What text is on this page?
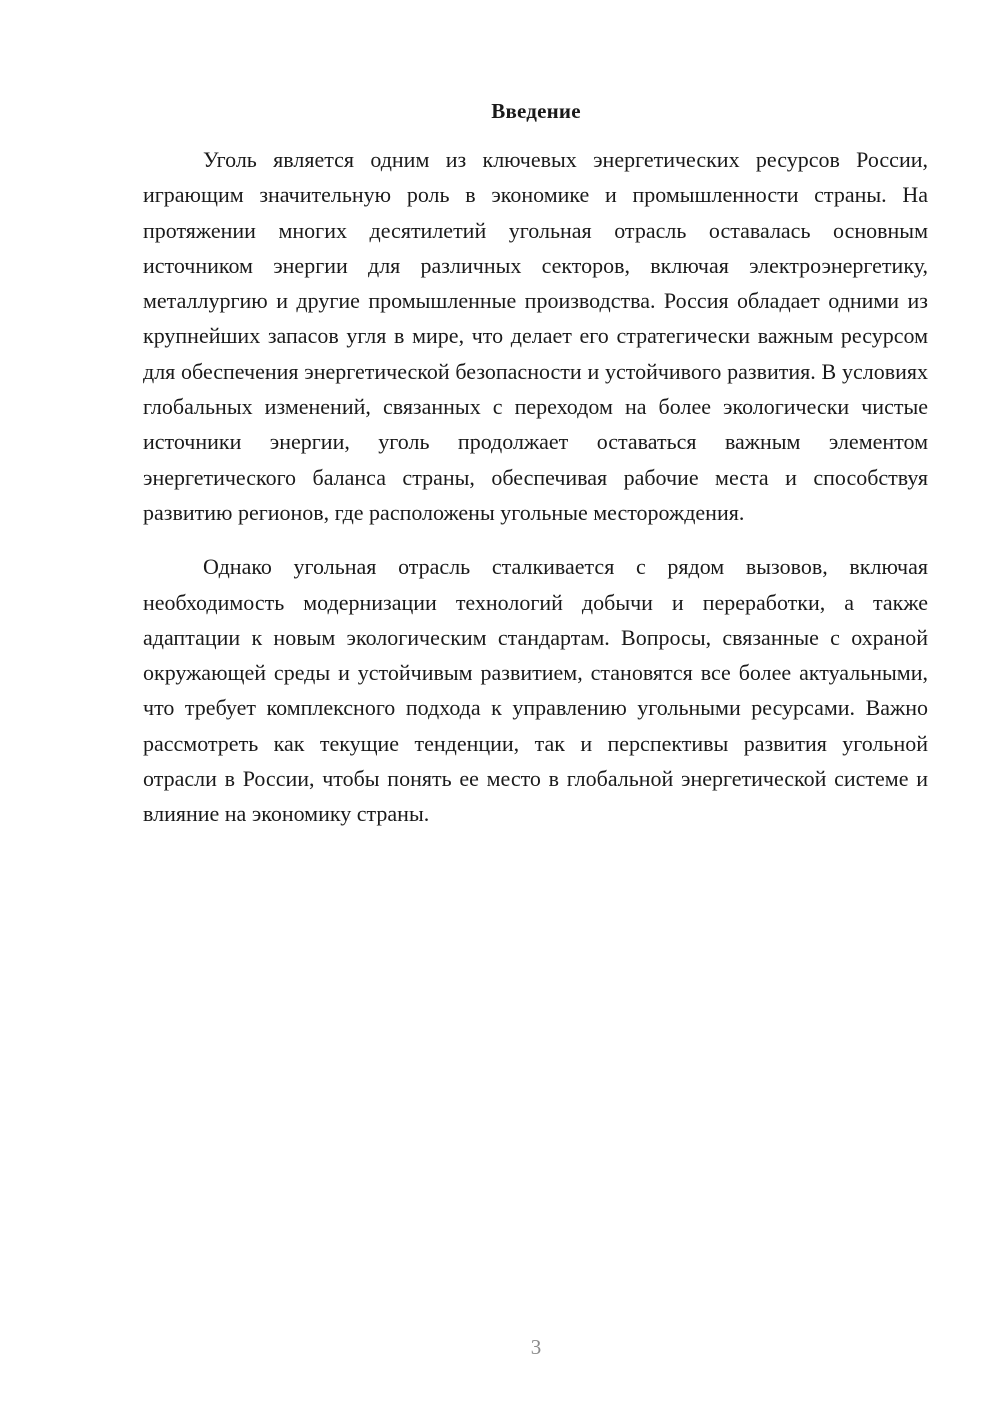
Введение

Уголь является одним из ключевых энергетических ресурсов России, играющим значительную роль в экономике и промышленности страны. На протяжении многих десятилетий угольная отрасль оставалась основным источником энергии для различных секторов, включая электроэнергетику, металлургию и другие промышленные производства. Россия обладает одними из крупнейших запасов угля в мире, что делает его стратегически важным ресурсом для обеспечения энергетической безопасности и устойчивого развития. В условиях глобальных изменений, связанных с переходом на более экологически чистые источники энергии, уголь продолжает оставаться важным элементом энергетического баланса страны, обеспечивая рабочие места и способствуя развитию регионов, где расположены угольные месторождения.

Однако угольная отрасль сталкивается с рядом вызовов, включая необходимость модернизации технологий добычи и переработки, а также адаптации к новым экологическим стандартам. Вопросы, связанные с охраной окружающей среды и устойчивым развитием, становятся все более актуальными, что требует комплексного подхода к управлению угольными ресурсами. Важно рассмотреть как текущие тенденции, так и перспективы развития угольной отрасли в России, чтобы понять ее место в глобальной энергетической системе и влияние на экономику страны.

3
